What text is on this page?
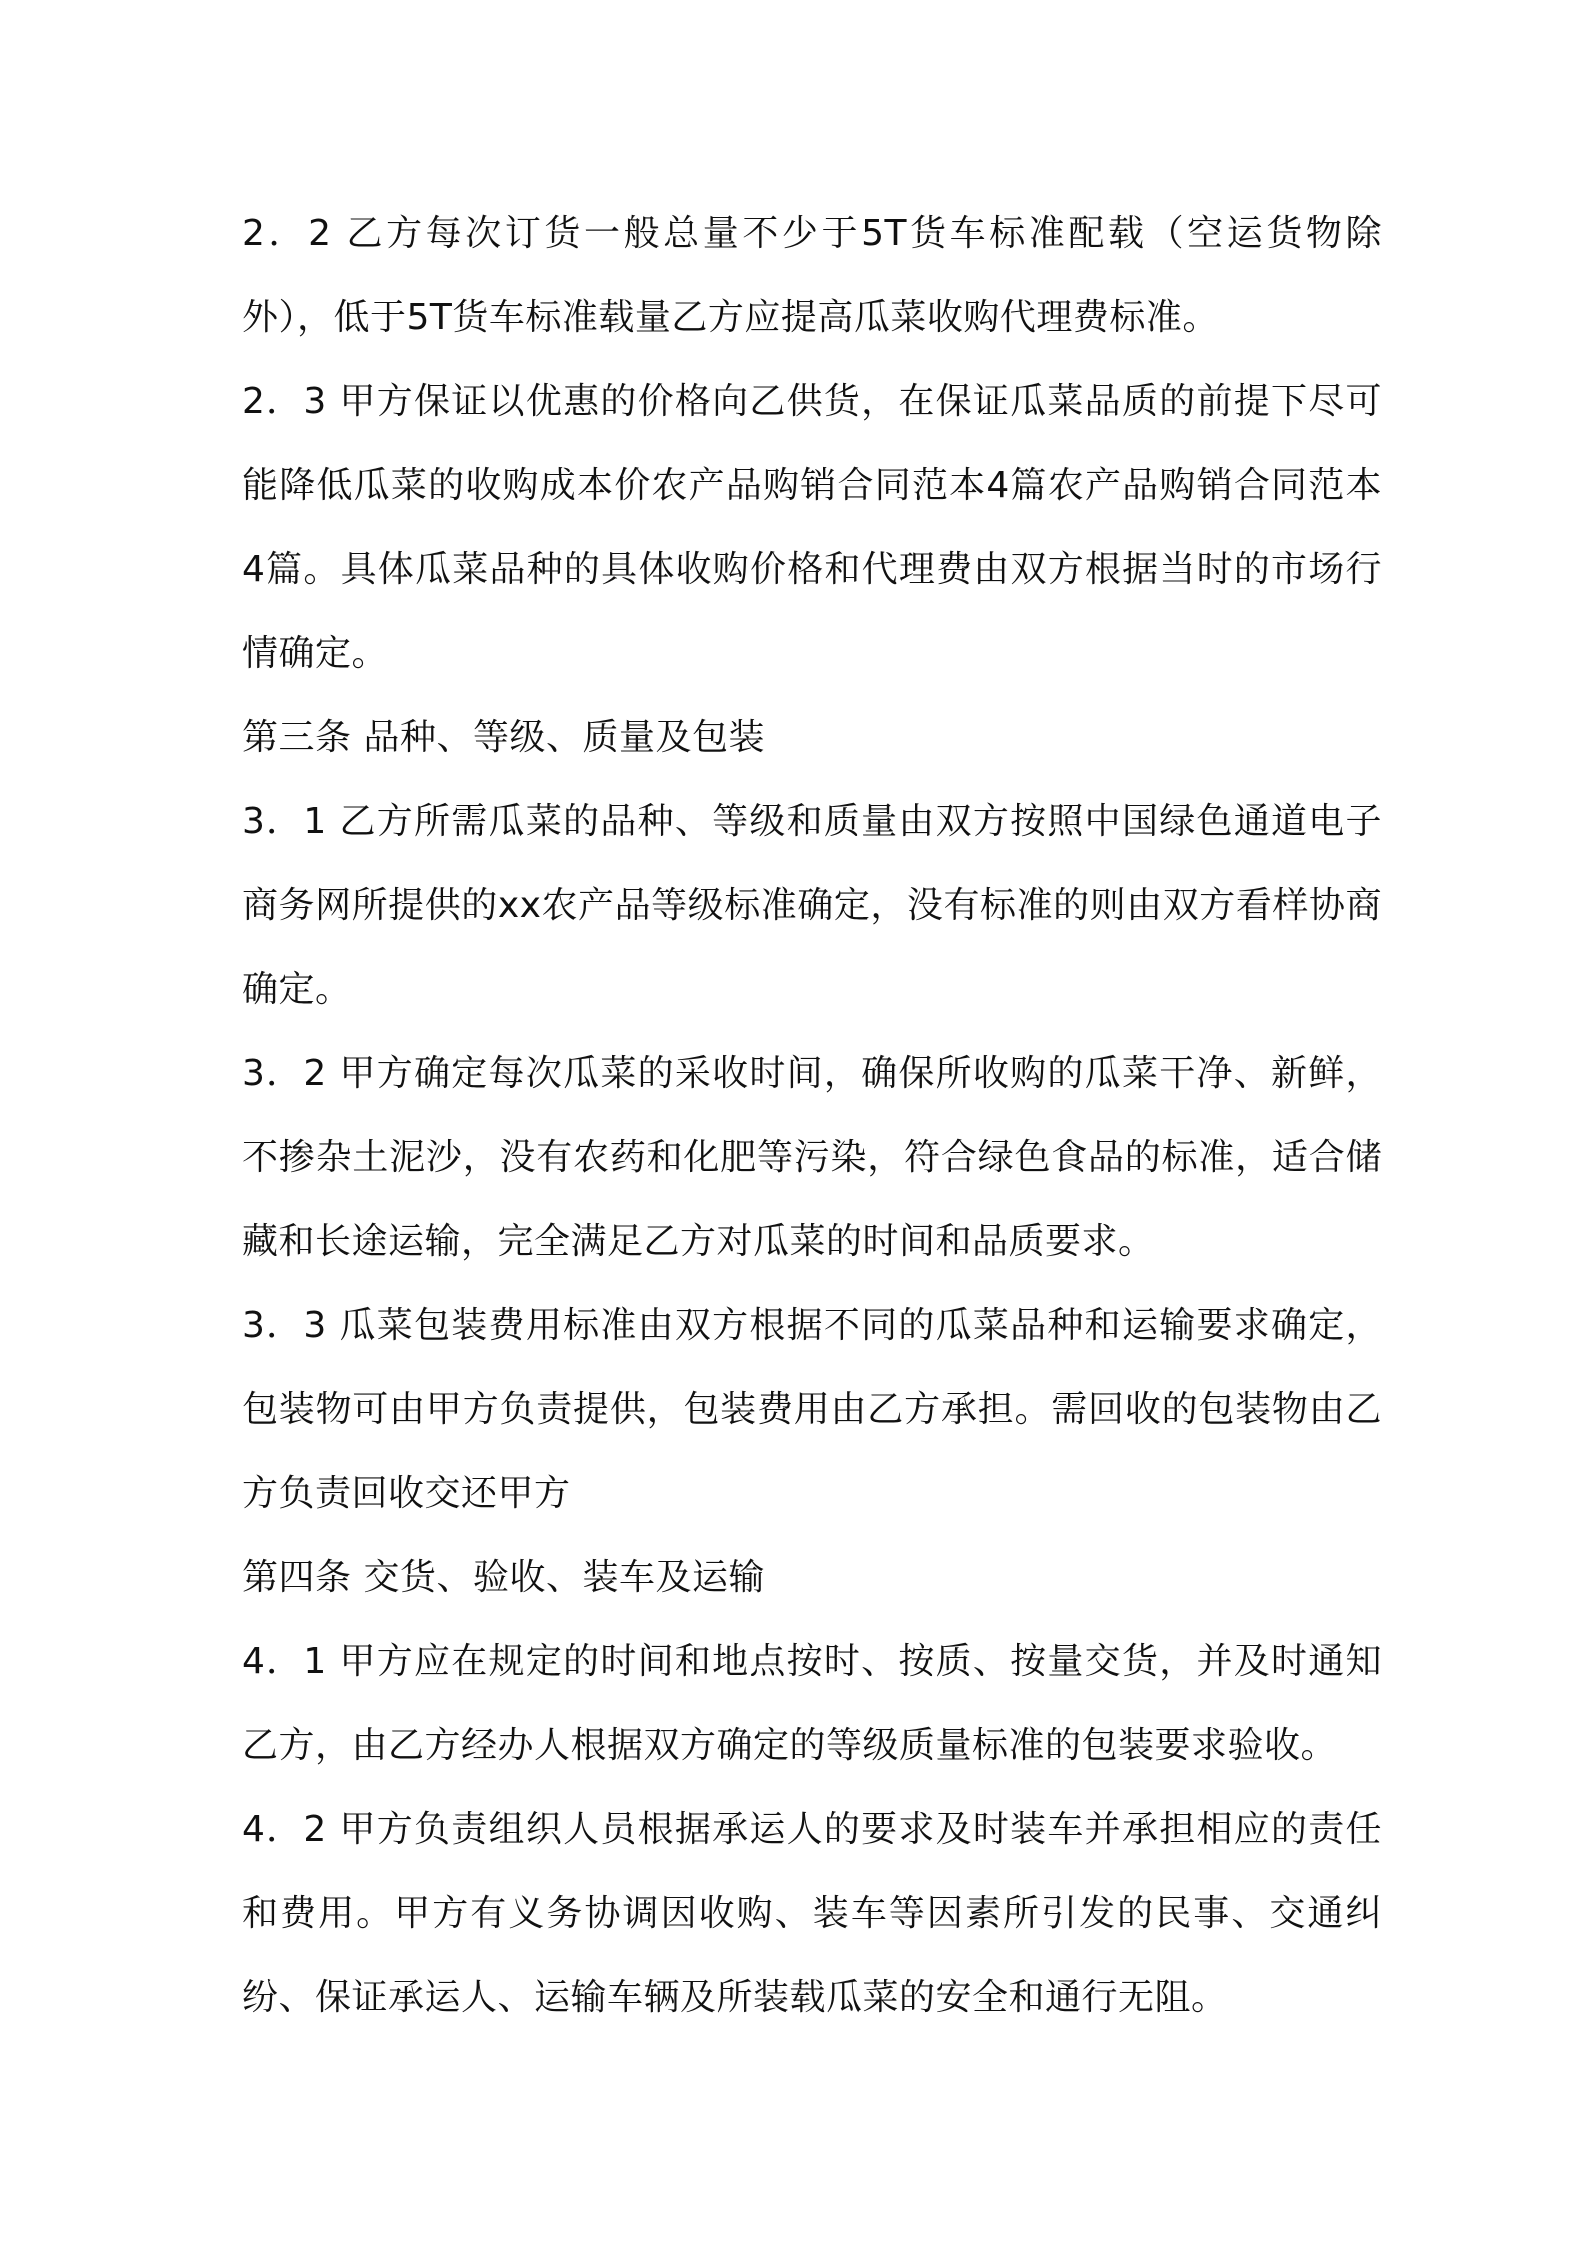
2．2 乙方每次订货一般总量不少于5T货车标准配载（空运货物除外），低于5T货车标准载量乙方应提高瓜菜收购代理费标准。

2．3 甲方保证以优惠的价格向乙供货，在保证瓜菜品质的前提下尽可能降低瓜菜的收购成本价农产品购销合同范本4篇农产品购销合同范本4篇。具体瓜菜品种的具体收购价格和代理费由双方根据当时的市场行情确定。

第三条 品种、等级、质量及包装

3．1 乙方所需瓜菜的品种、等级和质量由双方按照中国绿色通道电子商务网所提供的xx农产品等级标准确定，没有标准的则由双方看样协商确定。

3．2 甲方确定每次瓜菜的采收时间，确保所收购的瓜菜干净、新鲜，不掺杂土泥沙，没有农药和化肥等污染，符合绿色食品的标准，适合储藏和长途运输，完全满足乙方对瓜菜的时间和品质要求。

3．3 瓜菜包装费用标准由双方根据不同的瓜菜品种和运输要求确定，包装物可由甲方负责提供，包装费用由乙方承担。需回收的包装物由乙方负责回收交还甲方

第四条 交货、验收、装车及运输

4．1 甲方应在规定的时间和地点按时、按质、按量交货，并及时通知乙方，由乙方经办人根据双方确定的等级质量标准的包装要求验收。

4．2 甲方负责组织人员根据承运人的要求及时装车并承担相应的责任和费用。甲方有义务协调因收购、装车等因素所引发的民事、交通纠纷、保证承运人、运输车辆及所装载瓜菜的安全和通行无阻。
